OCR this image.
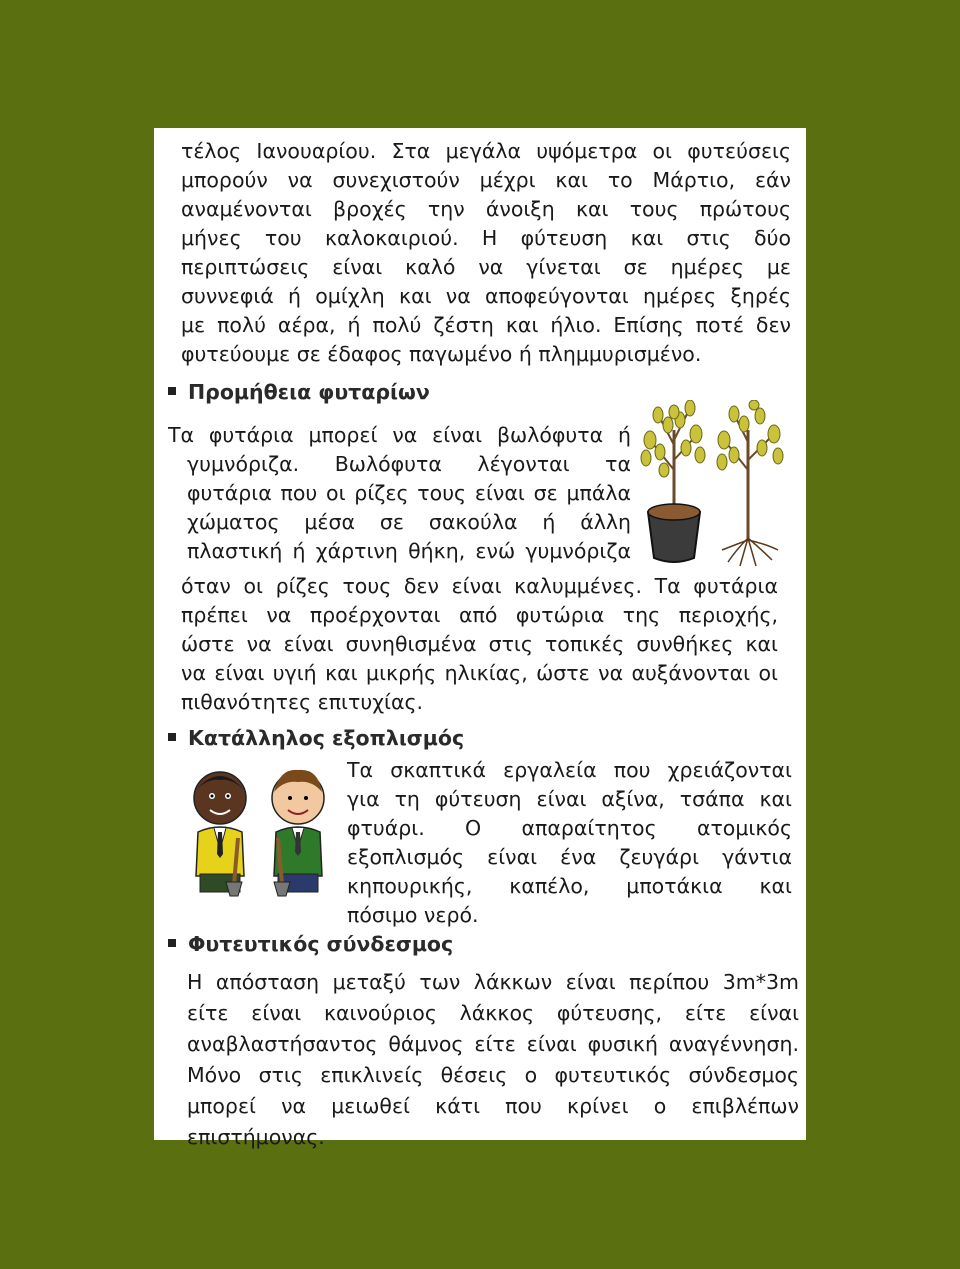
τέλος Ιανουαρίου. Στα μεγάλα υψόμετρα οι φυτεύσεις
μπορούν να συνεχιστούν μέχρι και το Μάρτιο, εάν
αναμένονται βροχές την άνοιξη και τους πρώτους
μήνες του καλοκαιριού. Η φύτευση και στις δύο
περιπτώσεις είναι καλό να γίνεται σε ημέρες με
συννεφιά ή ομίχλη και να αποφεύγονται ημέρες ξηρές
με πολύ αέρα, ή πολύ ζέστη και ήλιο. Επίσης ποτέ δεν
φυτεύουμε σε έδαφος παγωμένο ή πλημμυρισμένο.
Προμήθεια φυταρίων
Τα φυτάρια μπορεί να είναι βωλόφυτα ή
γυμνόριζα. Βωλόφυτα λέγονται τα
φυτάρια που οι ρίζες τους είναι σε μπάλα
χώματος μέσα σε σακούλα ή άλλη
πλαστική ή χάρτινη θήκη, ενώ γυμνόριζα
όταν οι ρίζες τους δεν είναι καλυμμένες. Τα φυτάρια
πρέπει να προέρχονται από φυτώρια της περιοχής,
ώστε να είναι συνηθισμένα στις τοπικές συνθήκες και
να είναι υγιή και μικρής ηλικίας, ώστε να αυξάνονται οι
πιθανότητες επιτυχίας.
Κατάλληλος εξοπλισμός
Τα σκαπτικά εργαλεία που χρειάζονται
για τη φύτευση είναι αξίνα, τσάπα και
φτυάρι. Ο απαραίτητος ατομικός
εξοπλισμός είναι ένα ζευγάρι γάντια
κηπουρικής, καπέλο, μποτάκια και
πόσιμο νερό.
Φυτευτικός σύνδεσμος
Η απόσταση μεταξύ των λάκκων είναι περίπου 3m*3m
είτε είναι καινούριος λάκκος φύτευσης, είτε είναι
αναβλαστήσαντος θάμνος είτε είναι φυσική αναγέννηση.
Μόνο στις επικλινείς θέσεις ο φυτευτικός σύνδεσμος
μπορεί να μειωθεί κάτι που κρίνει ο επιβλέπων
επιστήμονας.
